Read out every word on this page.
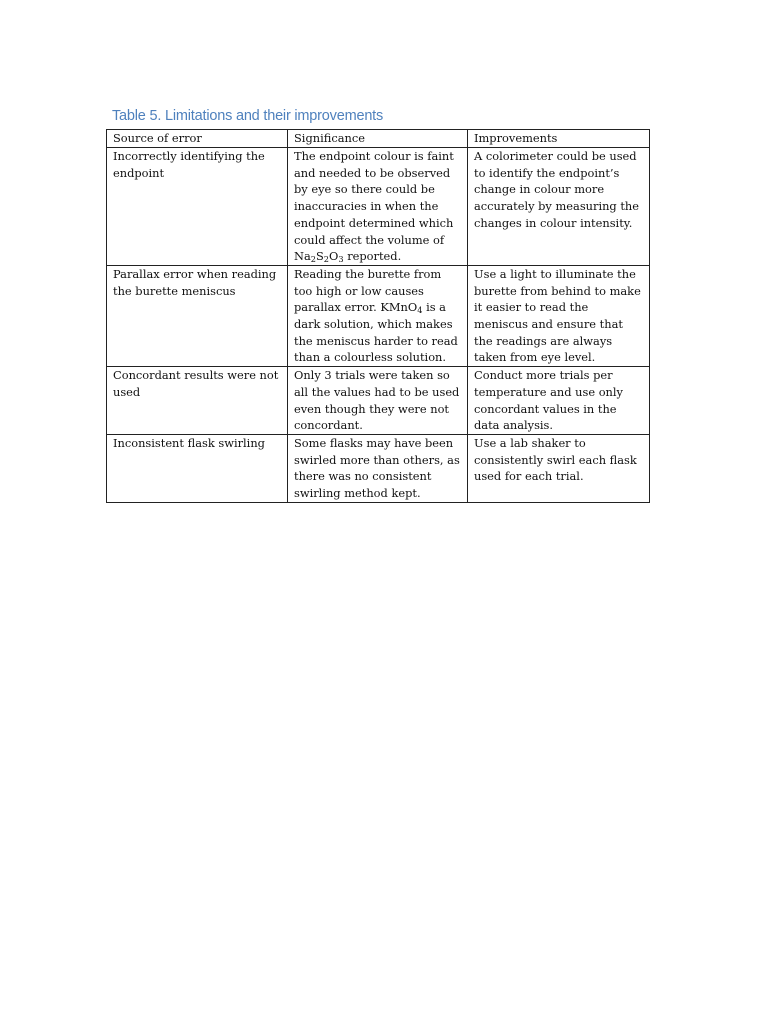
Table 5. Limitations and their improvements
Source of error	Significance	Improvements
Incorrectly identifying the endpoint	The endpoint colour is faint and needed to be observed by eye so there could be inaccuracies in when the endpoint determined which could affect the volume of $Na_2S_2O_3$ reported.	A colorimeter could be used to identify the endpoint’s change in colour more accurately by measuring the changes in colour intensity.
Parallax error when reading the burette meniscus	Reading the burette from too high or low causes parallax error. KMnO$_4$ is a dark solution, which makes the meniscus harder to read than a colourless solution.	Use a light to illuminate the burette from behind to make it easier to read the meniscus and ensure that the readings are always taken from eye level.
Concordant results were not used	Only 3 trials were taken so all the values had to be used even though they were not concordant.	Conduct more trials per temperature and use only concordant values in the data analysis.
Inconsistent flask swirling	Some flasks may have been swirled more than others, as there was no consistent swirling method kept.	Use a lab shaker to consistently swirl each flask used for each trial.
